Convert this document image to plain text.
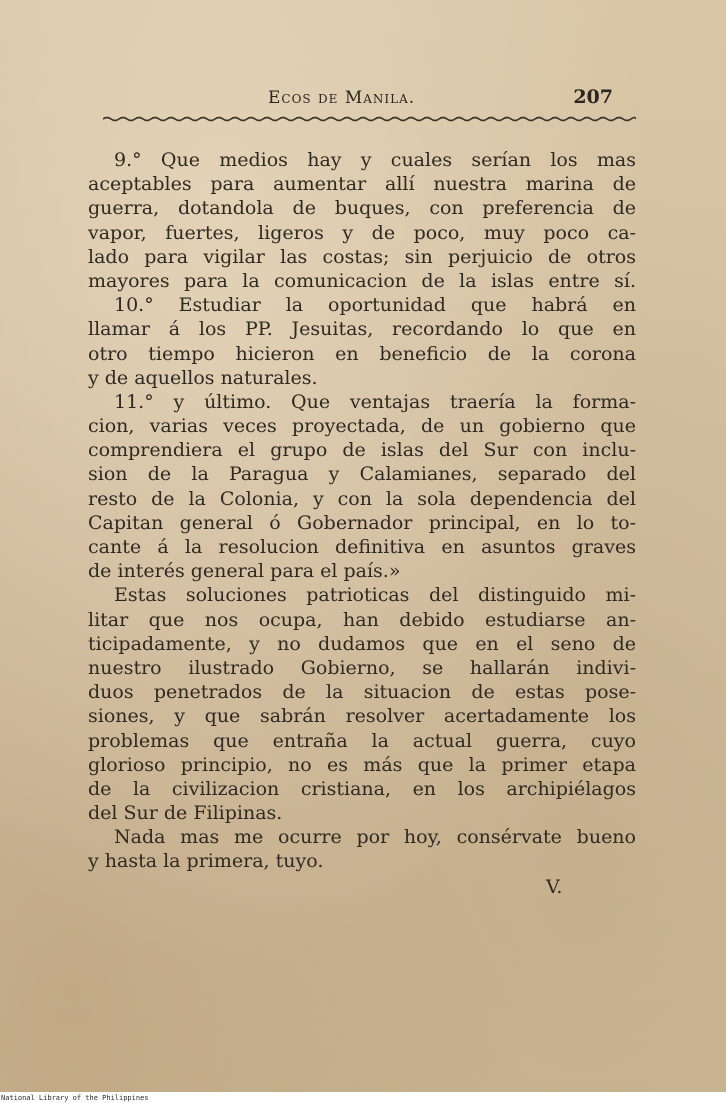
Ecos de Manila.	207
9.° Que medios hay y cuales serían los mas
aceptables para aumentar allí nuestra marina de
guerra, dotandola de buques, con preferencia de
vapor, fuertes, ligeros y de poco, muy poco ca-
lado para vigilar las costas; sin perjuicio de otros
mayores para la comunicacion de la islas entre sí.
10.° Estudiar la oportunidad que habrá en
llamar á los PP. Jesuitas, recordando lo que en
otro tiempo hicieron en beneficio de la corona
y de aquellos naturales.
11.° y último. Que ventajas traería la forma-
cion, varias veces proyectada, de un gobierno que
comprendiera el grupo de islas del Sur con inclu-
sion de la Paragua y Calamianes, separado del
resto de la Colonia, y con la sola dependencia del
Capitan general ó Gobernador principal, en lo to-
cante á la resolucion definitiva en asuntos graves
de interés general para el país.»
Estas soluciones patrioticas del distinguido mi-
litar que nos ocupa, han debido estudiarse an-
ticipadamente, y no dudamos que en el seno de
nuestro ilustrado Gobierno, se hallarán indivi-
duos penetrados de la situacion de estas pose-
siones, y que sabrán resolver acertadamente los
problemas que entraña la actual guerra, cuyo
glorioso principio, no es más que la primer etapa
de la civilizacion cristiana, en los archipiélagos
del Sur de Filipinas.
Nada mas me ocurre por hoy, consérvate bueno
y hasta la primera, tuyo.
V.
National Library of the Philippines
